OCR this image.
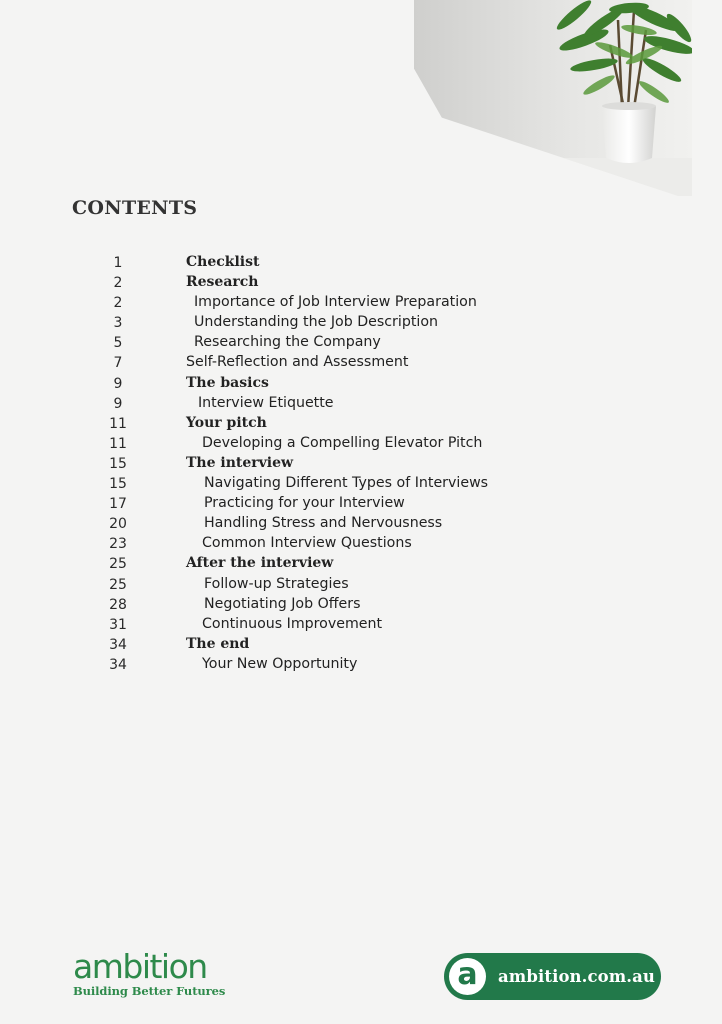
CONTENTS
1	Checklist
2	Research
2	Importance of Job Interview Preparation
3	Understanding the Job Description
5	Researching the Company
7	Self-Reflection and Assessment
9	The basics
9	Interview Etiquette
11	Your pitch
11	Developing a Compelling Elevator Pitch
15	The interview
15	Navigating Different Types of Interviews
17	Practicing for your Interview
20	Handling Stress and Nervousness
23	Common Interview Questions
25	After the interview
25	Follow-up Strategies
28	Negotiating Job Offers
31	Continuous Improvement
34	The end
34	Your New Opportunity
ambition
Building Better Futures	a ambition.com.au
